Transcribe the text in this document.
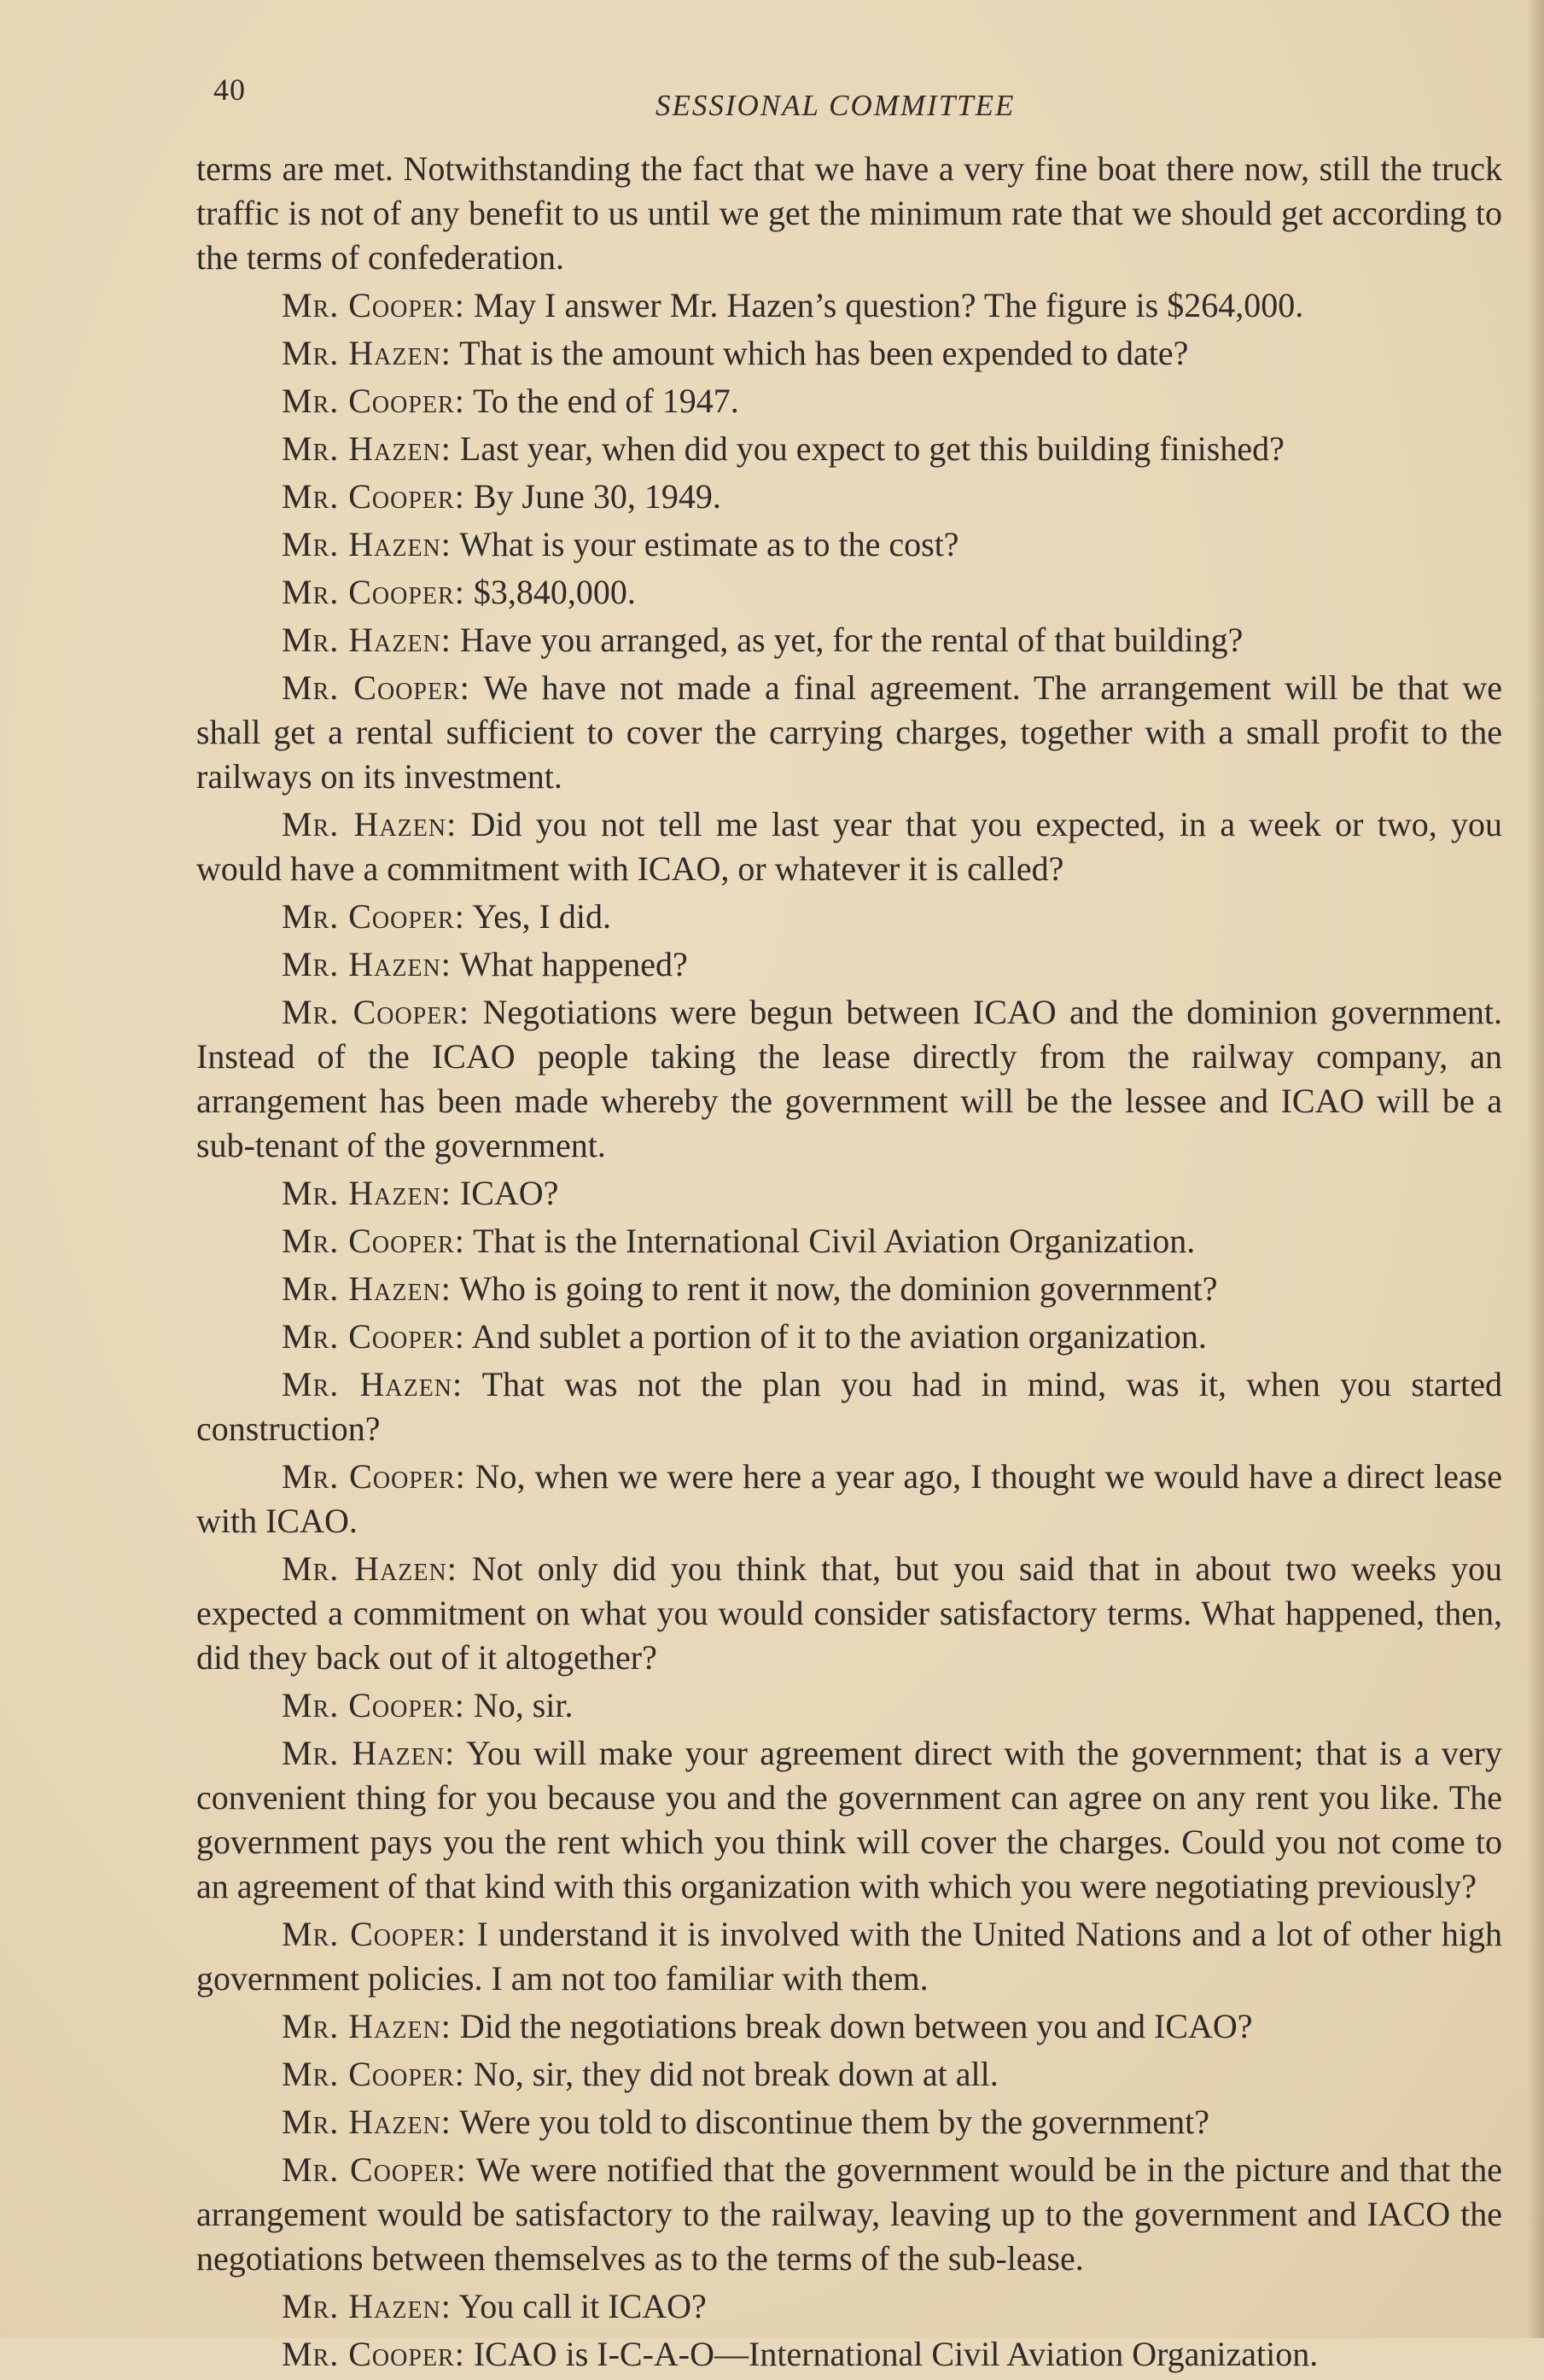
40	SESSIONAL COMMITTEE

terms are met. Notwithstanding the fact that we have a very fine boat there now, still the truck traffic is not of any benefit to us until we get the minimum rate that we should get according to the terms of confederation.

Mr. Cooper: May I answer Mr. Hazen’s question? The figure is $264,000.

Mr. Hazen: That is the amount which has been expended to date?

Mr. Cooper: To the end of 1947.

Mr. Hazen: Last year, when did you expect to get this building finished?

Mr. Cooper: By June 30, 1949.

Mr. Hazen: What is your estimate as to the cost?

Mr. Cooper: $3,840,000.

Mr. Hazen: Have you arranged, as yet, for the rental of that building?

Mr. Cooper: We have not made a final agreement. The arrangement will be that we shall get a rental sufficient to cover the carrying charges, together with a small profit to the railways on its investment.

Mr. Hazen: Did you not tell me last year that you expected, in a week or two, you would have a commitment with ICAO, or whatever it is called?

Mr. Cooper: Yes, I did.

Mr. Hazen: What happened?

Mr. Cooper: Negotiations were begun between ICAO and the dominion government. Instead of the ICAO people taking the lease directly from the railway company, an arrangement has been made whereby the government will be the lessee and ICAO will be a sub-tenant of the government.

Mr. Hazen: ICAO?

Mr. Cooper: That is the International Civil Aviation Organization.

Mr. Hazen: Who is going to rent it now, the dominion government?

Mr. Cooper: And sublet a portion of it to the aviation organization.

Mr. Hazen: That was not the plan you had in mind, was it, when you started construction?

Mr. Cooper: No, when we were here a year ago, I thought we would have a direct lease with ICAO.

Mr. Hazen: Not only did you think that, but you said that in about two weeks you expected a commitment on what you would consider satisfactory terms. What happened, then, did they back out of it altogether?

Mr. Cooper: No, sir.

Mr. Hazen: You will make your agreement direct with the government; that is a very convenient thing for you because you and the government can agree on any rent you like. The government pays you the rent which you think will cover the charges. Could you not come to an agreement of that kind with this organization with which you were negotiating previously?

Mr. Cooper: I understand it is involved with the United Nations and a lot of other high government policies. I am not too familiar with them.

Mr. Hazen: Did the negotiations break down between you and ICAO?

Mr. Cooper: No, sir, they did not break down at all.

Mr. Hazen: Were you told to discontinue them by the government?

Mr. Cooper: We were notified that the government would be in the picture and that the arrangement would be satisfactory to the railway, leaving up to the government and IACO the negotiations between themselves as to the terms of the sub-lease.

Mr. Hazen: You call it ICAO?

Mr. Cooper: ICAO is I-C-A-O—International Civil Aviation Organization.
